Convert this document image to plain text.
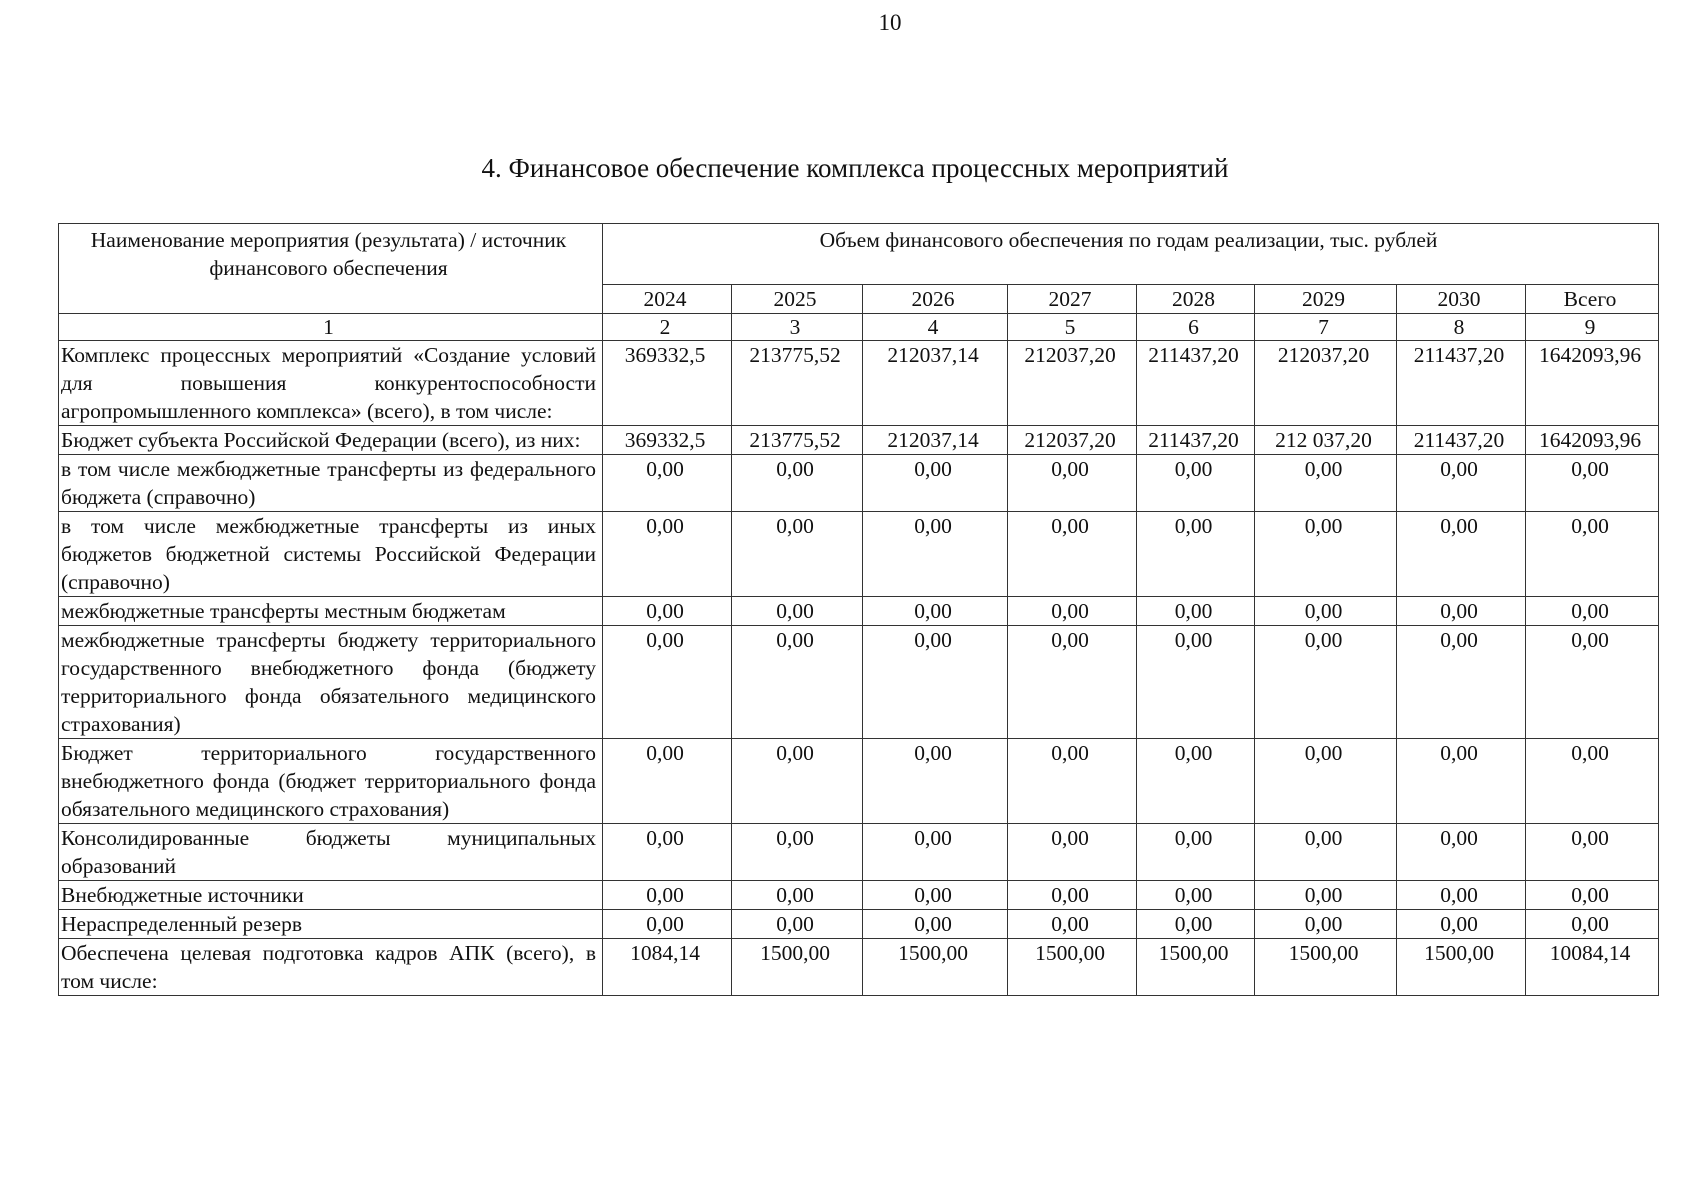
10
4. Финансовое обеспечение комплекса процессных мероприятий
Наименование мероприятия (результата) / источник финансового обеспечения	Объем финансового обеспечения по годам реализации, тыс. рублей							
	2024	2025	2026	2027	2028	2029	2030	Всего
1	2	3	4	5	6	7	8	9
Комплекс процессных мероприятий «Создание условий для повышения конкурентоспособности агропромышленного комплекса» (всего), в том числе:	369332,5	213775,52	212037,14	212037,20	211437,20	212037,20	211437,20	1642093,96
Бюджет субъекта Российской Федерации (всего), из них:	369332,5	213775,52	212037,14	212037,20	211437,20	212 037,20	211437,20	1642093,96
в том числе межбюджетные трансферты из федерального бюджета (справочно)	0,00	0,00	0,00	0,00	0,00	0,00	0,00	0,00
в том числе межбюджетные трансферты из иных бюджетов бюджетной системы Российской Федерации (справочно)	0,00	0,00	0,00	0,00	0,00	0,00	0,00	0,00
межбюджетные трансферты местным бюджетам	0,00	0,00	0,00	0,00	0,00	0,00	0,00	0,00
межбюджетные трансферты бюджету территориального государственного внебюджетного фонда (бюджету территориального фонда обязательного медицинского страхования)	0,00	0,00	0,00	0,00	0,00	0,00	0,00	0,00
Бюджет территориального государственного внебюджетного фонда (бюджет территориального фонда обязательного медицинского страхования)	0,00	0,00	0,00	0,00	0,00	0,00	0,00	0,00
Консолидированные бюджеты муниципальных образований	0,00	0,00	0,00	0,00	0,00	0,00	0,00	0,00
Внебюджетные источники	0,00	0,00	0,00	0,00	0,00	0,00	0,00	0,00
Нераспределенный резерв	0,00	0,00	0,00	0,00	0,00	0,00	0,00	0,00
Обеспечена целевая подготовка кадров АПК (всего), в том числе:	1084,14	1500,00	1500,00	1500,00	1500,00	1500,00	1500,00	10084,14
